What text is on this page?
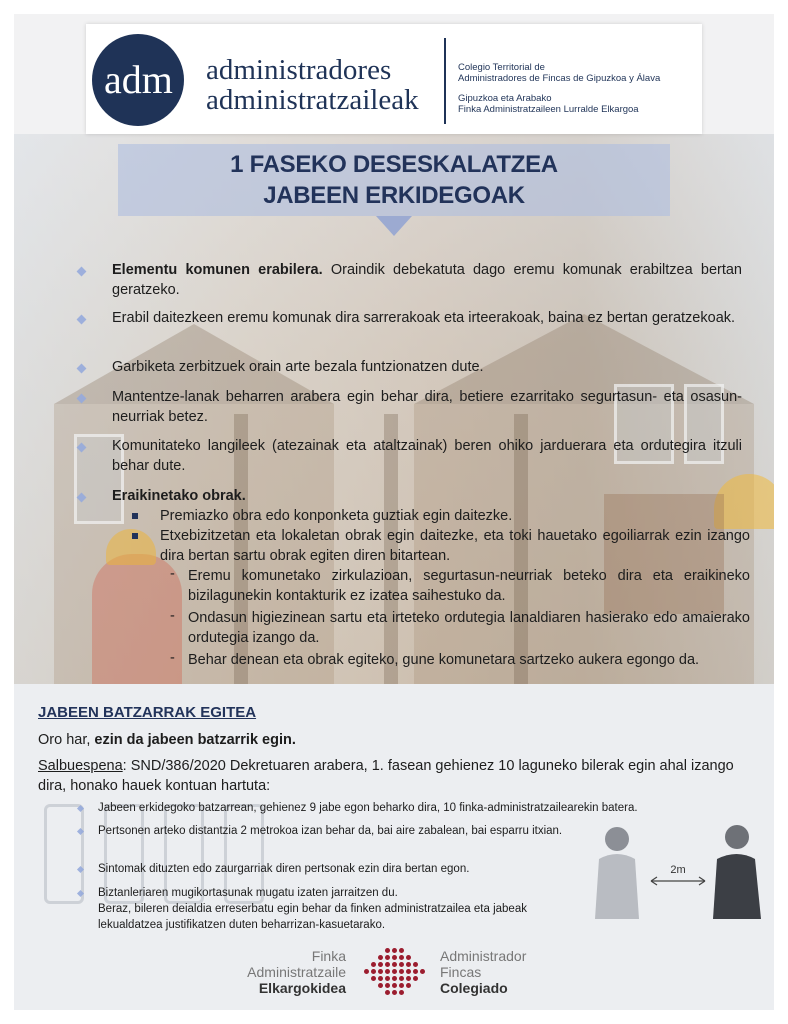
adm administradores
administratzaileak
Colegio Territorial de
Administradores de Fincas de Gipuzkoa y Álava
Gipuzkoa eta Arabako
Finka Administratzaileen Lurralde Elkargoa
1 FASEKO DESESKALATZEA
JABEEN ERKIDEGOAK
Elementu komunen erabilera. Oraindik debekatuta dago eremu komunak erabiltzea bertan geratzeko.
Erabil daitezkeen eremu komunak dira sarrerakoak eta irteerakoak, baina ez bertan geratzekoak.
Garbiketa zerbitzuek orain arte bezala funtzionatzen dute.
Mantentze-lanak beharren arabera egin behar dira, betiere ezarritako segurtasun- eta osasun-neurriak betez.
Komunitateko langileek (atezainak eta ataltzainak) beren ohiko jarduerara eta ordutegira itzuli behar dute.
Eraikinetako obrak.
Premiazko obra edo konponketa guztiak egin daitezke.
Etxebizitzetan eta lokaletan obrak egin daitezke, eta toki hauetako egoiliarrak ezin izango dira bertan sartu obrak egiten diren bitartean.
- Eremu komunetako zirkulazioan, segurtasun-neurriak beteko dira eta eraikineko bizilagunekin kontakturik ez izatea saihestuko da.
- Ondasun higiezinean sartu eta irteteko ordutegia lanaldiaren hasierako edo amaierako ordutegia izango da.
- Behar denean eta obrak egiteko, gune komunetara sartzeko aukera egongo da.
JABEEN BATZARRAK EGITEA
Oro har, ezin da jabeen batzarrik egin.
Salbuespena: SND/386/2020 Dekretuaren arabera, 1. fasean gehienez 10 laguneko bilerak egin ahal izango dira, honako hauek kontuan hartuta:
Jabeen erkidegoko batzarrean, gehienez 9 jabe egon beharko dira, 10 finka-administratzailearekin batera.
Pertsonen arteko distantzia 2 metrokoa izan behar da, bai aire zabalean, bai esparru itxian.
Sintomak dituzten edo zaurgarriak diren pertsonak ezin dira bertan egon.
Biztanleriaren mugikortasunak mugatu izaten jarraitzen du.
Beraz, bileren deialdia erreserbatu egin behar da finken administratzailea eta jabeak lekualdatzea justifikatzen duten beharrizan-kasuetarako.
2m
Finka
Administratzaile
Elkargokidea
Administrador
Fincas
Colegiado
